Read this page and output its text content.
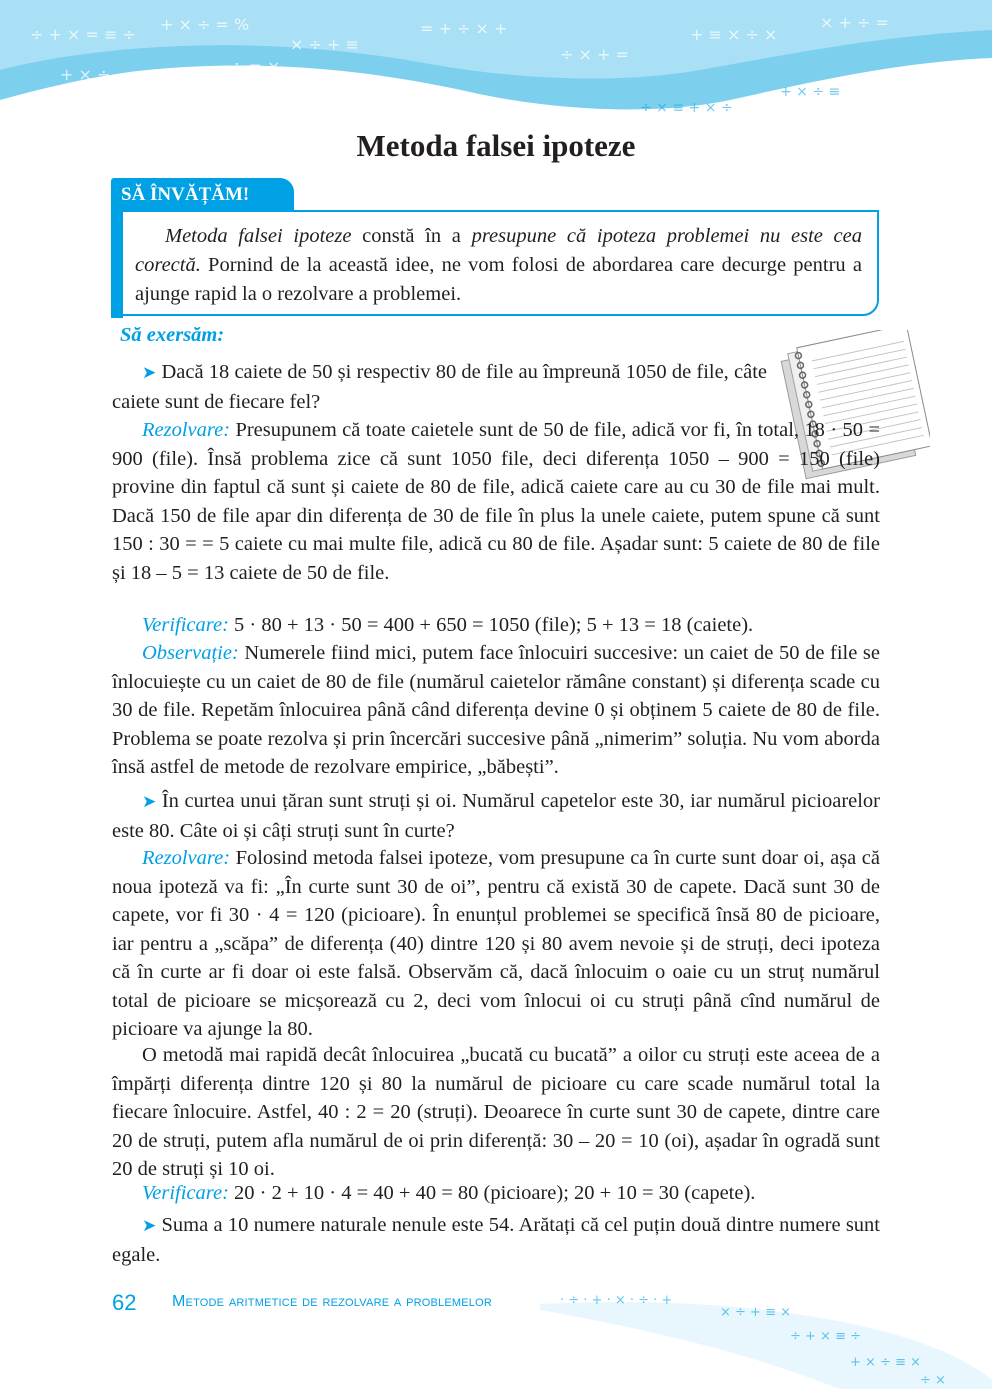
÷ + × = ≡ ÷
+ × ÷ = %
× ÷ + ≡
= + ÷ × +
÷ × + =
+ ≡ × ÷ ×
× + ÷ =
+ × ÷	÷ = ×
÷ × ≡ + × ÷
+ × ÷ ≡
Metoda falsei ipoteze
SĂ ÎNVĂȚĂM!

Metoda falsei ipoteze constă în a presupune că ipoteza problemei nu este cea corectă. Pornind de la această idee, ne vom folosi de abordarea care decurge pentru a ajunge rapid la o rezolvare a problemei.

Să exersăm:

➤ Dacă 18 caiete de 50 și respectiv 80 de file au împreună 1050 de file, câte caiete sunt de fiecare fel?

Rezolvare: Presupunem că toate caietele sunt de 50 de file, adică vor fi, în total, 18 · 50 = 900 (file). Însă problema zice că sunt 1050 file, deci diferența 1050 – 900 = 150 (file) provine din faptul că sunt și caiete de 80 de file, adică caiete care au cu 30 de file mai mult. Dacă 150 de file apar din diferența de 30 de file în plus la unele caiete, putem spune că sunt 150 : 30 = = 5 caiete cu mai multe file, adică cu 80 de file. Așadar sunt: 5 caiete de 80 de file și 18 – 5 = 13 caiete de 50 de file.

Verificare: 5 · 80 + 13 · 50 = 400 + 650 = 1050 (file); 5 + 13 = 18 (caiete).

Observație: Numerele fiind mici, putem face înlocuiri succesive: un caiet de 50 de file se înlocuiește cu un caiet de 80 de file (numărul caietelor rămâne constant) și diferența scade cu 30 de file. Repetăm înlocuirea până când diferența devine 0 și obținem 5 caiete de 80 de file. Problema se poate rezolva și prin încercări succesive până „nimerim” soluția. Nu vom aborda însă astfel de metode de rezolvare empirice, „băbești”.

➤ În curtea unui țăran sunt struți și oi. Numărul capetelor este 30, iar numărul picioarelor este 80. Câte oi și câți struți sunt în curte?

Rezolvare: Folosind metoda falsei ipoteze, vom presupune ca în curte sunt doar oi, așa că noua ipoteză va fi: „În curte sunt 30 de oi”, pentru că există 30 de capete. Dacă sunt 30 de capete, vor fi 30 · 4 = 120 (picioare). În enunțul problemei se specifică însă 80 de picioare, iar pentru a „scăpa” de diferența (40) dintre 120 și 80 avem nevoie și de struți, deci ipoteza că în curte ar fi doar oi este falsă. Observăm că, dacă înlocuim o oaie cu un struț numărul total de picioare se micșorează cu 2, deci vom înlocui oi cu struți până cînd numărul de picioare va ajunge la 80.

O metodă mai rapidă decât înlocuirea „bucată cu bucată” a oilor cu struți este aceea de a împărți diferența dintre 120 și 80 la numărul de picioare cu care scade numărul total la fiecare înlocuire. Astfel, 40 : 2 = 20 (struți). Deoarece în curte sunt 30 de capete, dintre care 20 de struți, putem afla numărul de oi prin diferență: 30 – 20 = 10 (oi), așadar în ogradă sunt 20 de struți și 10 oi.

Verificare: 20 · 2 + 10 · 4 = 40 + 40 = 80 (picioare); 20 + 10 = 30 (capete).

➤ Suma a 10 numere naturale nenule este 54. Arătați că cel puțin două dintre numere sunt egale.

62 Metode aritmetice de rezolvare a problemelor	· ÷ · + · × · ÷ · +
× ÷ + ≡ ×
÷ + × ≡ ÷
+ × ÷ ≡ ×
÷ ×
